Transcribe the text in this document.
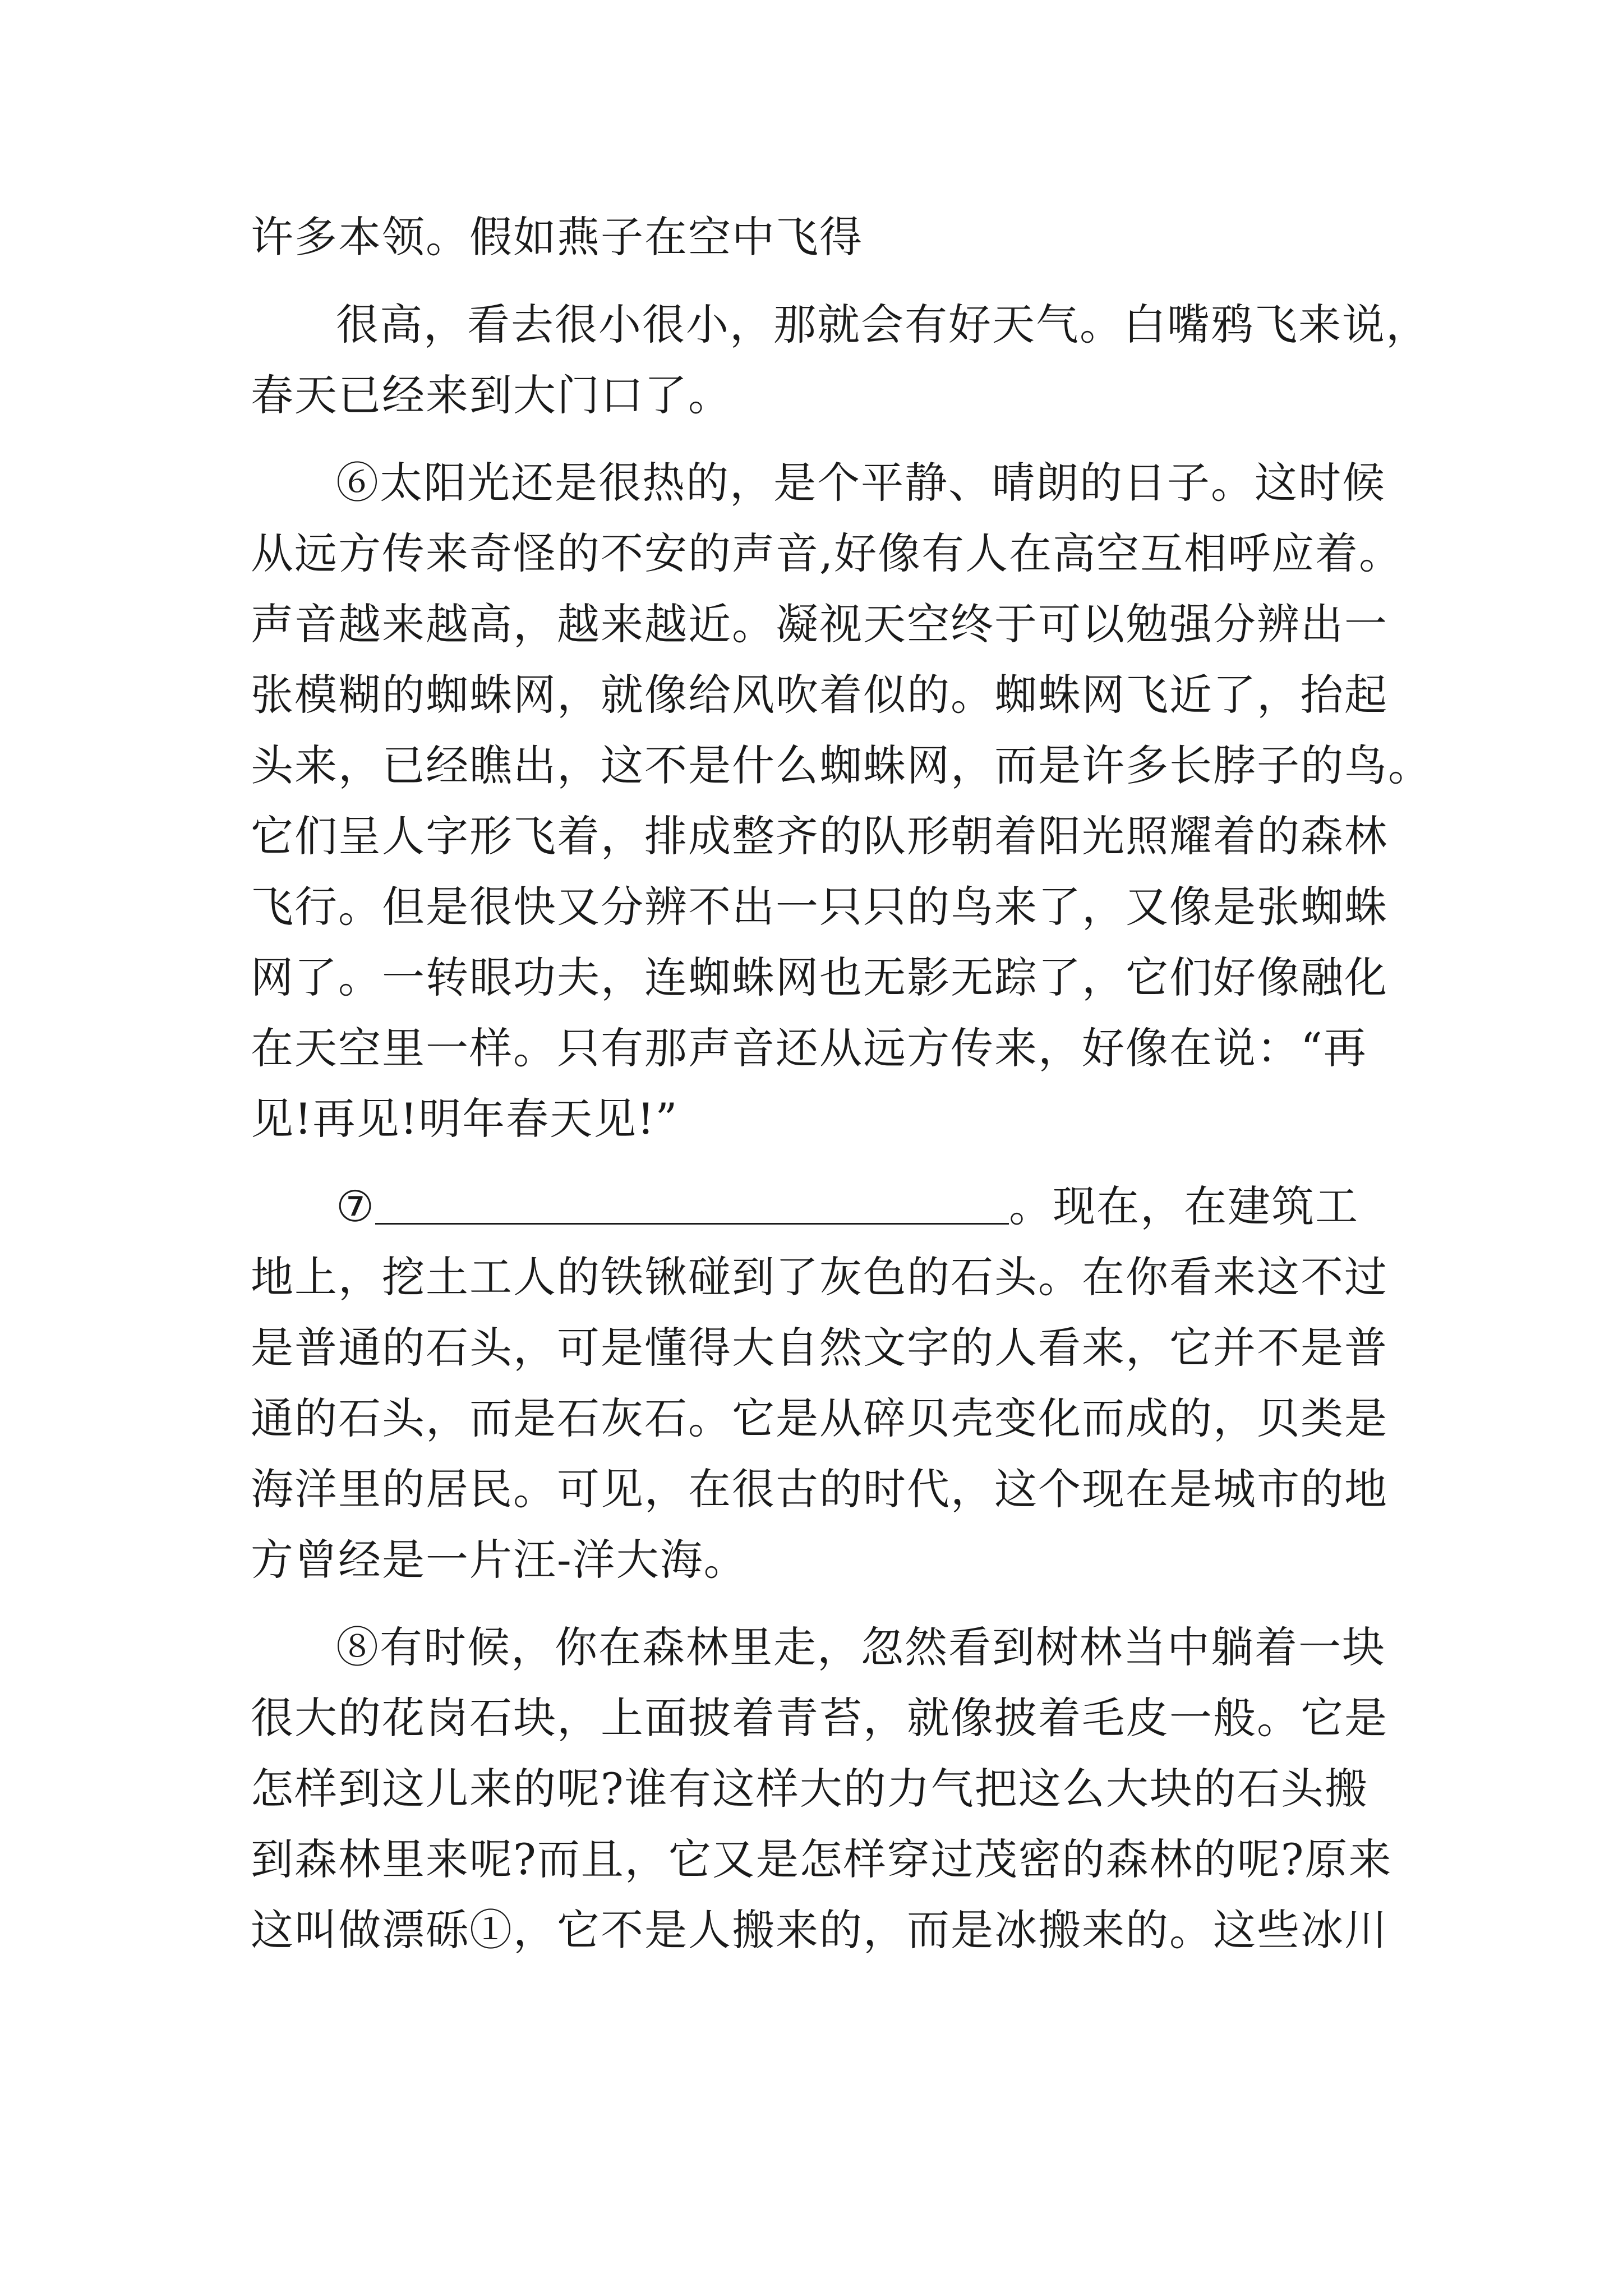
许多本领。假如燕子在空中飞得
很高，看去很小很小，那就会有好天气。白嘴鸦飞来说，
春天已经来到大门口了。
⑥太阳光还是很热的，是个平静、晴朗的日子。这时候
从远方传来奇怪的不安的声音,好像有人在高空互相呼应着。
声音越来越高，越来越近。凝视天空终于可以勉强分辨出一
张模糊的蜘蛛网，就像给风吹着似的。蜘蛛网飞近了，抬起
头来，已经瞧出，这不是什么蜘蛛网，而是许多长脖子的鸟。
它们呈人字形飞着，排成整齐的队形朝着阳光照耀着的森林
飞行。但是很快又分辨不出一只只的鸟来了，又像是张蜘蛛
网了。一转眼功夫，连蜘蛛网也无影无踪了，它们好像融化
在天空里一样。只有那声音还从远方传来，好像在说：“再
见!再见!明年春天见!”
⑦	。现在，在建筑工
地上，挖土工人的铁锹碰到了灰色的石头。在你看来这不过
是普通的石头，可是懂得大自然文字的人看来，它并不是普
通的石头，而是石灰石。它是从碎贝壳变化而成的，贝类是
海洋里的居民。可见，在很古的时代，这个现在是城市的地
方曾经是一片汪-洋大海。
⑧有时候，你在森林里走，忽然看到树林当中躺着一块
很大的花岗石块，上面披着青苔，就像披着毛皮一般。它是
怎样到这儿来的呢?谁有这样大的力气把这么大块的石头搬
到森林里来呢?而且，它又是怎样穿过茂密的森林的呢?原来
这叫做漂砾①，它不是人搬来的，而是冰搬来的。这些冰川
